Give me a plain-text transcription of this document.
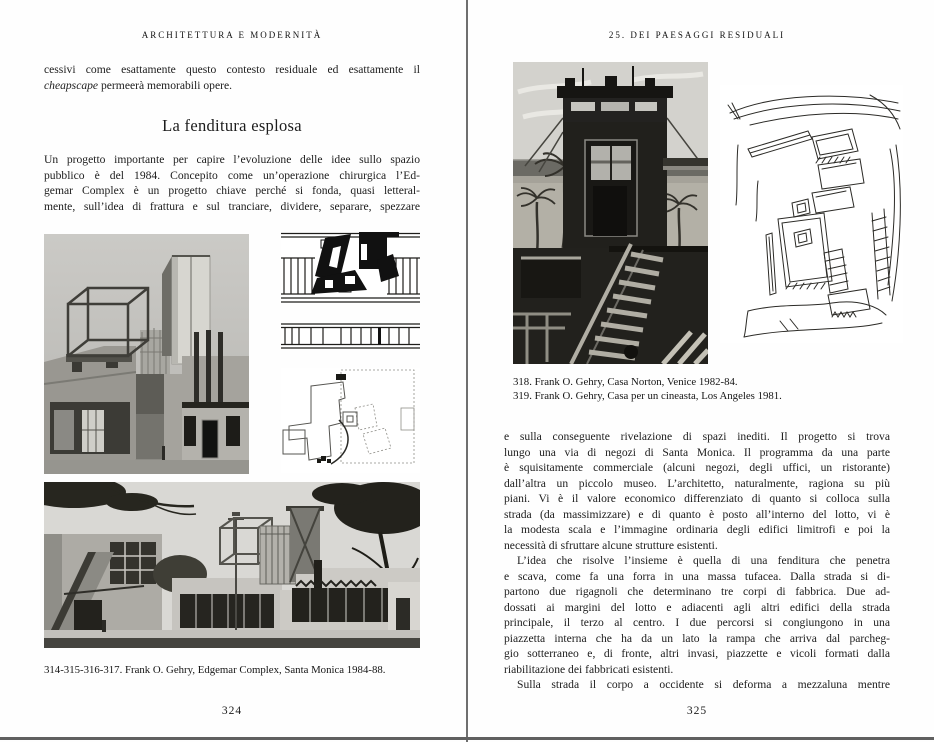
ARCHITETTURA E MODERNITÀ
cessivi come esattamente questo contesto residuale ed esattamente il
cheapscape permeerà memorabili opere.
La fenditura esplosa
Un progetto importante per capire l’evoluzione delle idee sullo spazio
pubblico è del 1984. Concepito come un’operazione chirurgica l’Ed-
gemar Complex è un progetto chiave perché si fonda, quasi letteral-
mente, sull’idea di frattura e sul tranciare, dividere, separare, spezzare
314-315-316-317. Frank O. Gehry, Edgemar Complex, Santa Monica 1984-88.
324
25. DEI PAESAGGI RESIDUALI
318. Frank O. Gehry, Casa Norton, Venice 1982-84.
319. Frank O. Gehry, Casa per un cineasta, Los Angeles 1981.
e sulla conseguente rivelazione di spazi inediti. Il progetto si trova
lungo una via di negozi di Santa Monica. Il programma da una parte
è squisitamente commerciale (alcuni negozi, degli uffici, un ristorante)
dall’altra un piccolo museo. L’architetto, naturalmente, ragiona su più
piani. Vi è il valore economico differenziato di quanto si colloca sulla
strada (da massimizzare) e di quanto è posto all’interno del lotto, vi è
la modesta scala e l’immagine ordinaria degli edifici limitrofi e poi la
necessità di sfruttare alcune strutture esistenti.
L’idea che risolve l’insieme è quella di una fenditura che penetra
e scava, come fa una forra in una massa tufacea. Dalla strada si di-
partono due rigagnoli che determinano tre corpi di fabbrica. Due ad-
dossati ai margini del lotto e adiacenti agli altri edifici della strada
principale, il terzo al centro. I due percorsi si congiungono in una
piazzetta interna che ha da un lato la rampa che arriva dal parcheg-
gio sotterraneo e, di fronte, altri invasi, piazzette e vicoli formati dalla
riabilitazione dei fabbricati esistenti.
Sulla strada il corpo a occidente si deforma a mezzaluna mentre
325
